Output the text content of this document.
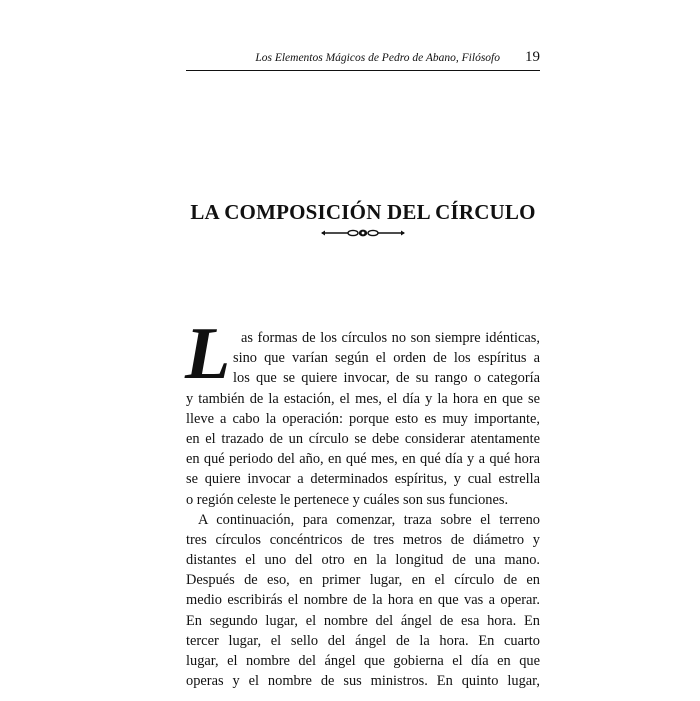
Los Elementos Mágicos de Pedro de Abano, Filósofo 19
LA COMPOSICIÓN DEL CÍRCULO
L as formas de los círculos no son siempre idénticas,
sino que varían según el orden de los espíritus a
los que se quiere invocar, de su rango o categoría
y también de la estación, el mes, el día y la hora en que se
lleve a cabo la operación: porque esto es muy importante,
en el trazado de un círculo se debe considerar atentamente
en qué periodo del año, en qué mes, en qué día y a qué hora
se quiere invocar a determinados espíritus, y cual estrella
o región celeste le pertenece y cuáles son sus funciones.
A continuación, para comenzar, traza sobre el terreno
tres círculos concéntricos de tres metros de diámetro y
distantes el uno del otro en la longitud de una mano.
Después de eso, en primer lugar, en el círculo de en
medio escribirás el nombre de la hora en que vas a operar.
En segundo lugar, el nombre del ángel de esa hora. En
tercer lugar, el sello del ángel de la hora. En cuarto
lugar, el nombre del ángel que gobierna el día en que
operas y el nombre de sus ministros. En quinto lugar,
